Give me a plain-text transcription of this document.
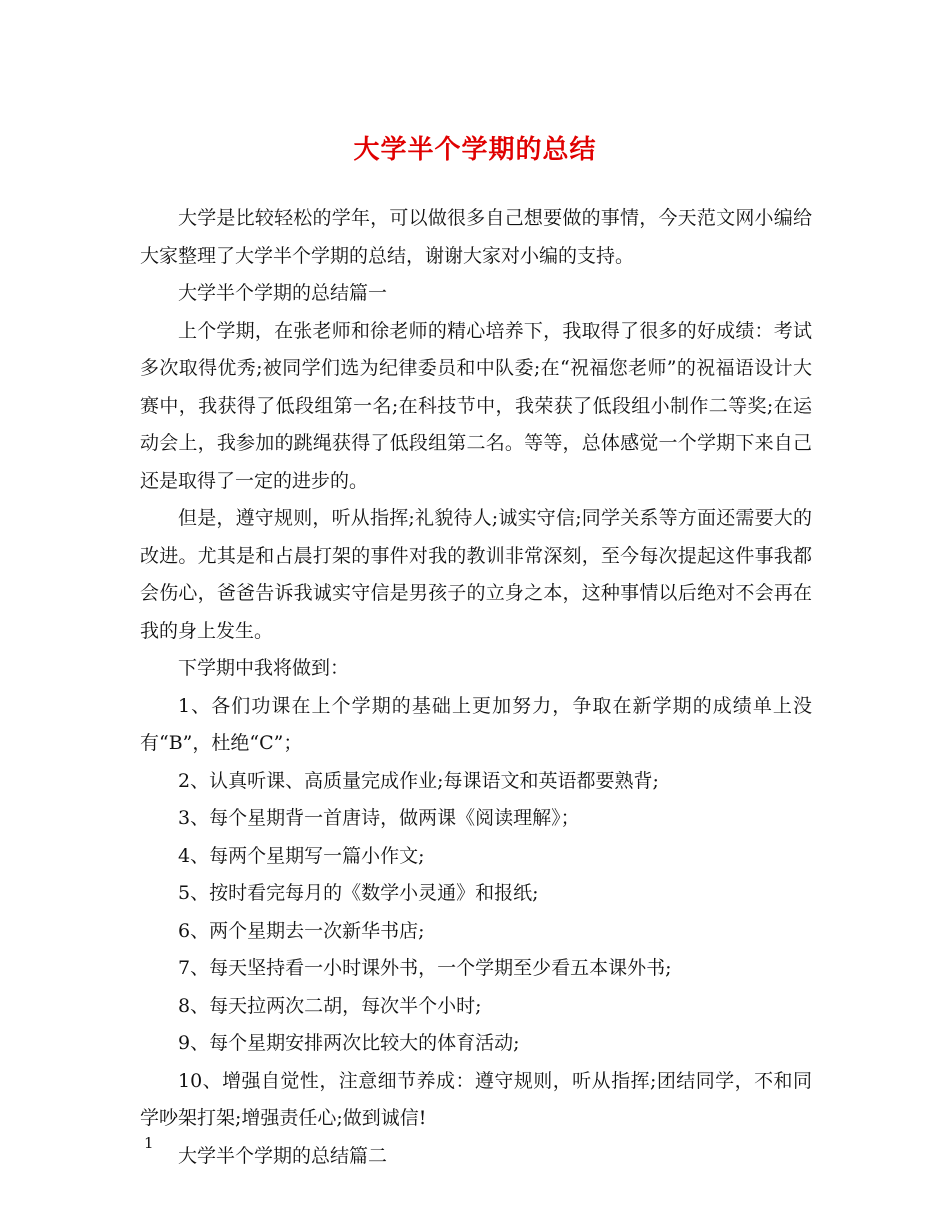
大学半个学期的总结

大学是比较轻松的学年，可以做很多自己想要做的事情，今天范文网小编给大家整理了大学半个学期的总结，谢谢大家对小编的支持。

大学半个学期的总结篇一

上个学期，在张老师和徐老师的精心培养下，我取得了很多的好成绩：考试多次取得优秀;被同学们选为纪律委员和中队委;在“祝福您老师”的祝福语设计大赛中，我获得了低段组第一名;在科技节中，我荣获了低段组小制作二等奖;在运动会上，我参加的跳绳获得了低段组第二名。等等，总体感觉一个学期下来自己还是取得了一定的进步的。

但是，遵守规则，听从指挥;礼貌待人;诚实守信;同学关系等方面还需要大的改进。尤其是和占晨打架的事件对我的教训非常深刻，至今每次提起这件事我都会伤心，爸爸告诉我诚实守信是男孩子的立身之本，这种事情以后绝对不会再在我的身上发生。

下学期中我将做到：

1、各们功课在上个学期的基础上更加努力，争取在新学期的成绩单上没有“B”，杜绝“C”；

2、认真听课、高质量完成作业;每课语文和英语都要熟背;

3、每个星期背一首唐诗，做两课《阅读理解》；

4、每两个星期写一篇小作文;

5、按时看完每月的《数学小灵通》和报纸;

6、两个星期去一次新华书店;

7、每天坚持看一小时课外书，一个学期至少看五本课外书;

8、每天拉两次二胡，每次半个小时;

9、每个星期安排两次比较大的体育活动;

10、增强自觉性，注意细节养成：遵守规则，听从指挥;团结同学，不和同学吵架打架;增强责任心;做到诚信!

大学半个学期的总结篇二

1
